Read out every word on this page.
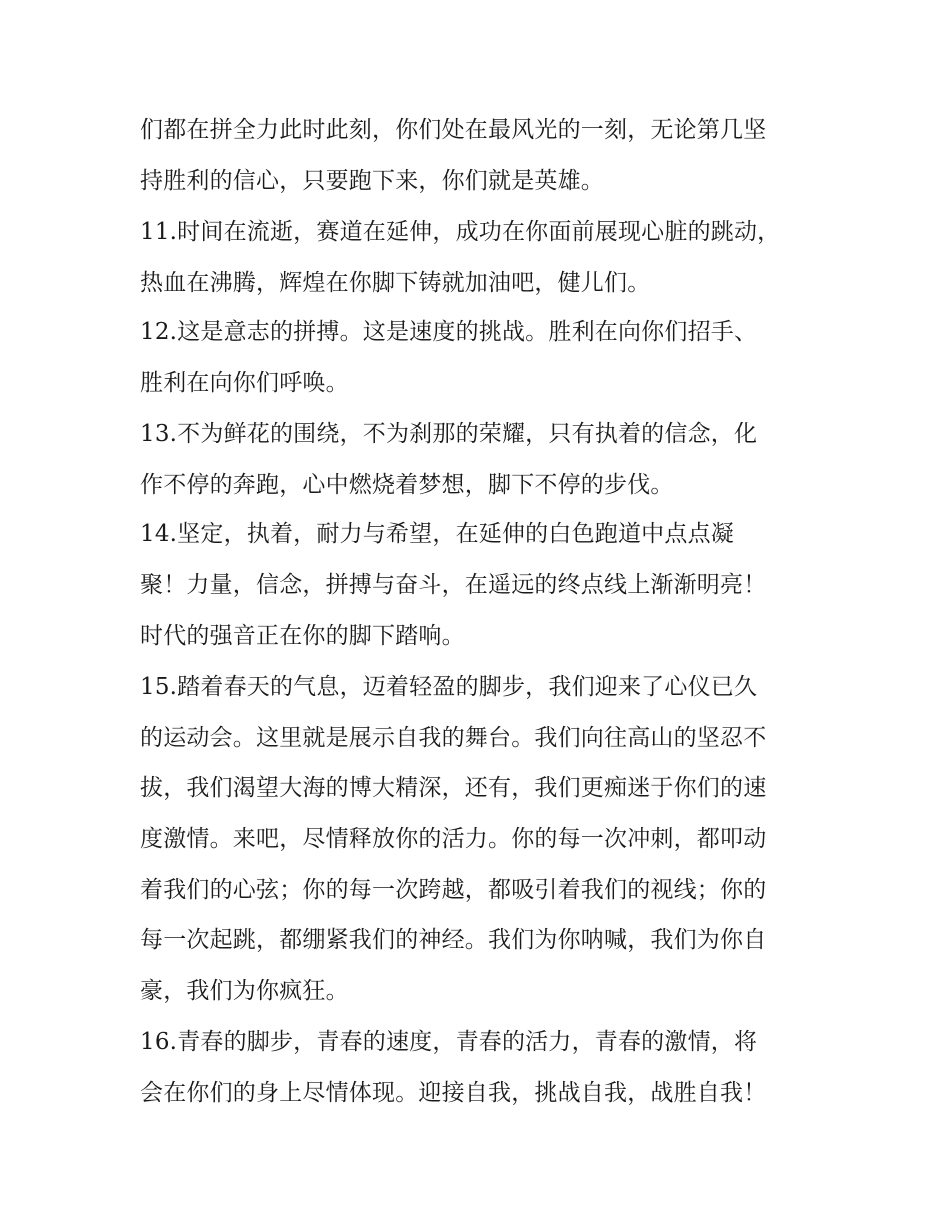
们都在拼全力此时此刻，你们处在最风光的一刻，无论第几坚
持胜利的信心，只要跑下来，你们就是英雄。
11.时间在流逝，赛道在延伸，成功在你面前展现心脏的跳动，
热血在沸腾，辉煌在你脚下铸就加油吧，健儿们。
12.这是意志的拼搏。这是速度的挑战。胜利在向你们招手、
胜利在向你们呼唤。
13.不为鲜花的围绕，不为刹那的荣耀，只有执着的信念，化
作不停的奔跑，心中燃烧着梦想，脚下不停的步伐。
14.坚定，执着，耐力与希望，在延伸的白色跑道中点点凝
聚！力量，信念，拼搏与奋斗，在遥远的终点线上渐渐明亮！
时代的强音正在你的脚下踏响。
15.踏着春天的气息，迈着轻盈的脚步，我们迎来了心仪已久
的运动会。这里就是展示自我的舞台。我们向往高山的坚忍不
拔，我们渴望大海的博大精深，还有，我们更痴迷于你们的速
度激情。来吧，尽情释放你的活力。你的每一次冲刺，都叩动
着我们的心弦；你的每一次跨越，都吸引着我们的视线；你的
每一次起跳，都绷紧我们的神经。我们为你呐喊，我们为你自
豪，我们为你疯狂。
16.青春的脚步，青春的速度，青春的活力，青春的激情，将
会在你们的身上尽情体现。迎接自我，挑战自我，战胜自我！
